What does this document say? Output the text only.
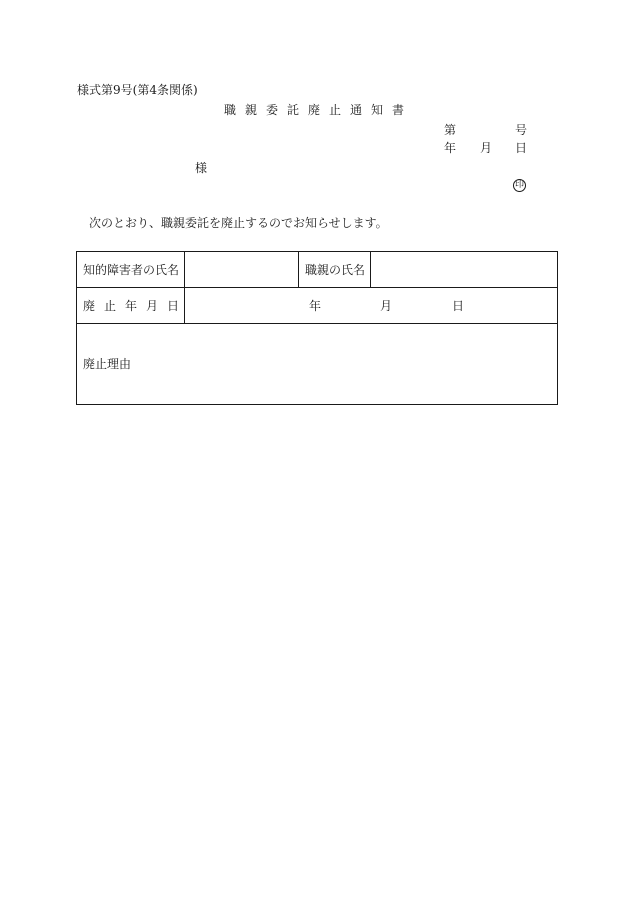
様式第9号(第4条関係)
職親委託廃止通知書
第	号
年 月 日
様
印
次のとおり、職親委託を廃止するのでお知らせします。
知的障害者の氏名		職親の氏名	
廃止年月日	年 月 日		

廃止理由			
